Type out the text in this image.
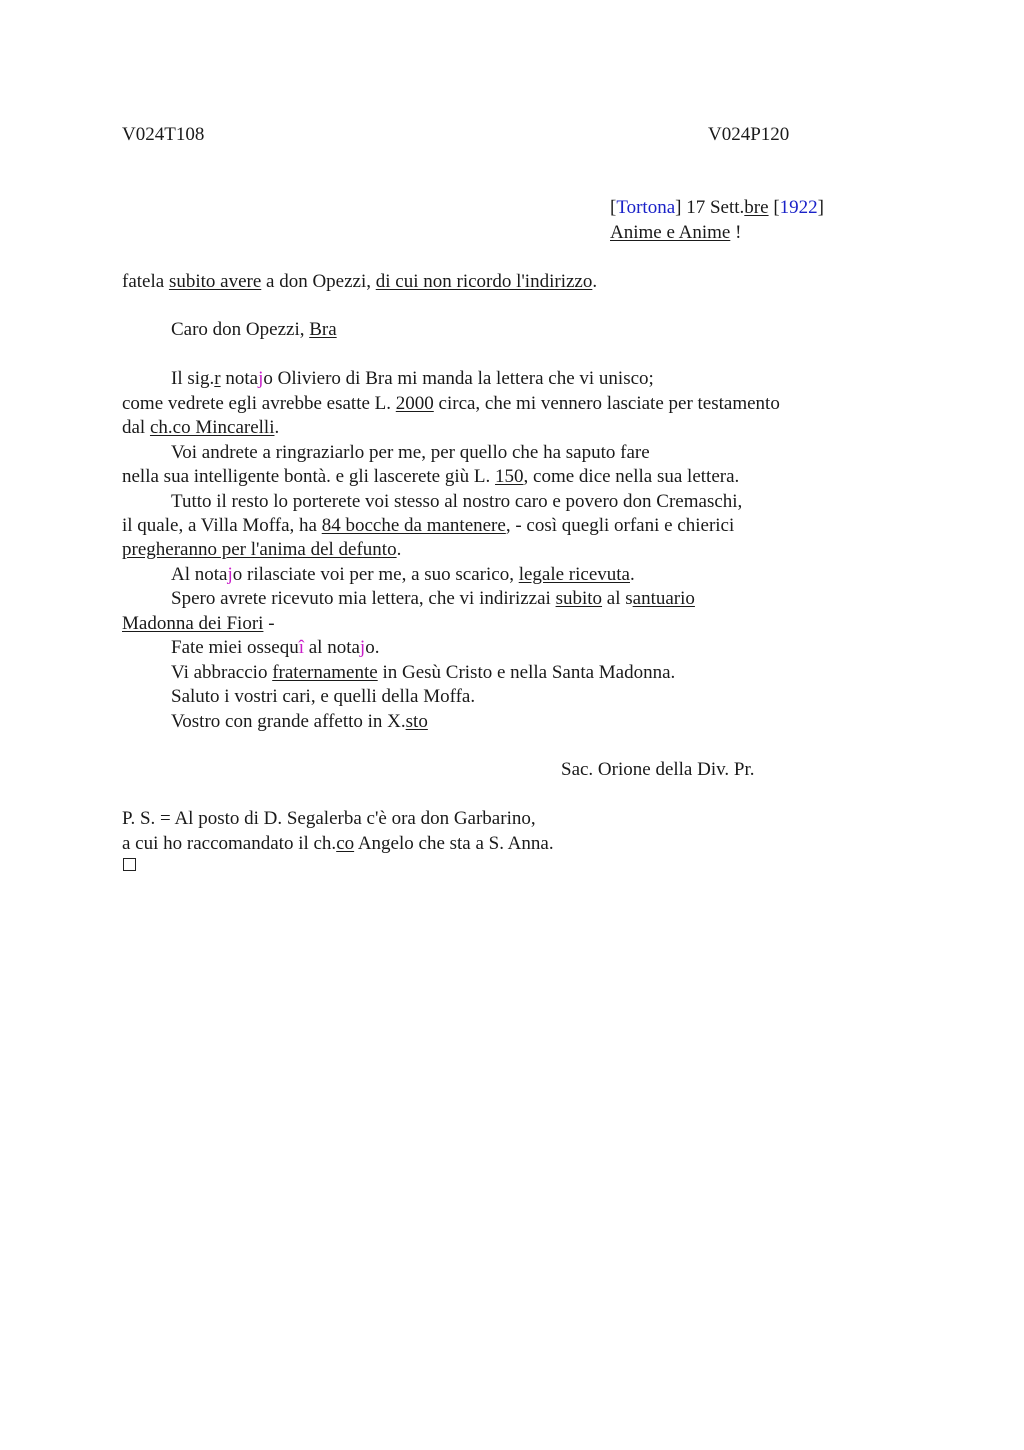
V024T108	V024P120
[Tortona] 17 Sett.bre [1922]
Anime e Anime !
fatela subito avere a don Opezzi, di cui non ricordo l'indirizzo.
Caro don Opezzi, Bra
Il sig.r notajo Oliviero di Bra mi manda la lettera che vi unisco;
come vedrete egli avrebbe esatte L. 2000 circa, che mi vennero lasciate per testamento
dal ch.co Mincarelli.
Voi andrete a ringraziarlo per me, per quello che ha saputo fare
nella sua intelligente bontà. e gli lascerete giù L. 150, come dice nella sua lettera.
Tutto il resto lo porterete voi stesso al nostro caro e povero don Cremaschi,
il quale, a Villa Moffa, ha 84 bocche da mantenere, - così quegli orfani e chierici
pregheranno per l'anima del defunto.
Al notajo rilasciate voi per me, a suo scarico, legale ricevuta.
Spero avrete ricevuto mia lettera, che vi indirizzai subito al santuario
Madonna dei Fiori -
Fate miei ossequî al notajo.
Vi abbraccio fraternamente in Gesù Cristo e nella Santa Madonna.
Saluto i vostri cari, e quelli della Moffa.
Vostro con grande affetto in X.sto
Sac. Orione della Div. Pr.
P. S. = Al posto di D. Segalerba c'è ora don Garbarino,
a cui ho raccomandato il ch.co Angelo che sta a S. Anna.
